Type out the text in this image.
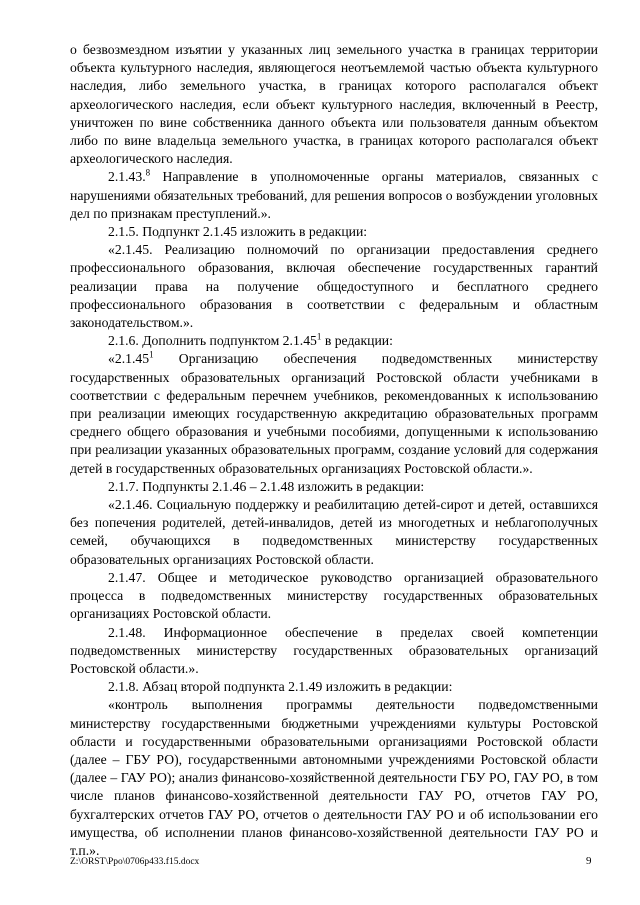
о безвозмездном изъятии у указанных лиц земельного участка в границах территории объекта культурного наследия, являющегося неотъемлемой частью объекта культурного наследия, либо земельного участка, в границах которого располагался объект археологического наследия, если объект культурного наследия, включенный в Реестр, уничтожен по вине собственника данного объекта или пользователя данным объектом либо по вине владельца земельного участка, в границах которого располагался объект археологического наследия.

2.1.43.$^8$ Направление в уполномоченные органы материалов, связанных с нарушениями обязательных требований, для решения вопросов о возбуждении уголовных дел по признакам преступлений.».

2.1.5. Подпункт 2.1.45 изложить в редакции:

«2.1.45. Реализацию полномочий по организации предоставления среднего профессионального образования, включая обеспечение государственных гарантий реализации права на получение общедоступного и бесплатного среднего профессионального образования в соответствии с федеральным и областным законодательством.».

2.1.6. Дополнить подпунктом 2.1.45$^1$ в редакции:

«2.1.45$^1$ Организацию обеспечения подведомственных министерству государственных образовательных организаций Ростовской области учебниками в соответствии с федеральным перечнем учебников, рекомендованных к использованию при реализации имеющих государственную аккредитацию образовательных программ среднего общего образования и учебными пособиями, допущенными к использованию при реализации указанных образовательных программ, создание условий для содержания детей в государственных образовательных организациях Ростовской области.».

2.1.7. Подпункты 2.1.46 – 2.1.48 изложить в редакции:

«2.1.46. Социальную поддержку и реабилитацию детей-сирот и детей, оставшихся без попечения родителей, детей-инвалидов, детей из многодетных и неблагополучных семей, обучающихся в подведомственных министерству государственных образовательных организациях Ростовской области.

2.1.47. Общее и методическое руководство организацией образовательного процесса в подведомственных министерству государственных образовательных организациях Ростовской области.

2.1.48. Информационное обеспечение в пределах своей компетенции подведомственных министерству государственных образовательных организаций Ростовской области.».

2.1.8. Абзац второй подпункта 2.1.49 изложить в редакции:

«контроль выполнения программы деятельности подведомственными министерству государственными бюджетными учреждениями культуры Ростовской области и государственными образовательными организациями Ростовской области (далее – ГБУ РО), государственными автономными учреждениями Ростовской области (далее – ГАУ РО); анализ финансово-хозяйственной деятельности ГБУ РО, ГАУ РО, в том числе планов финансово-хозяйственной деятельности ГАУ РО, отчетов ГАУ РО, бухгалтерских отчетов ГАУ РО, отчетов о деятельности ГАУ РО и об использовании его имущества, об исполнении планов финансово-хозяйственной деятельности ГАУ РО и т.п.».

Z:\ORST\Ppo\0706p433.f15.docx	9
